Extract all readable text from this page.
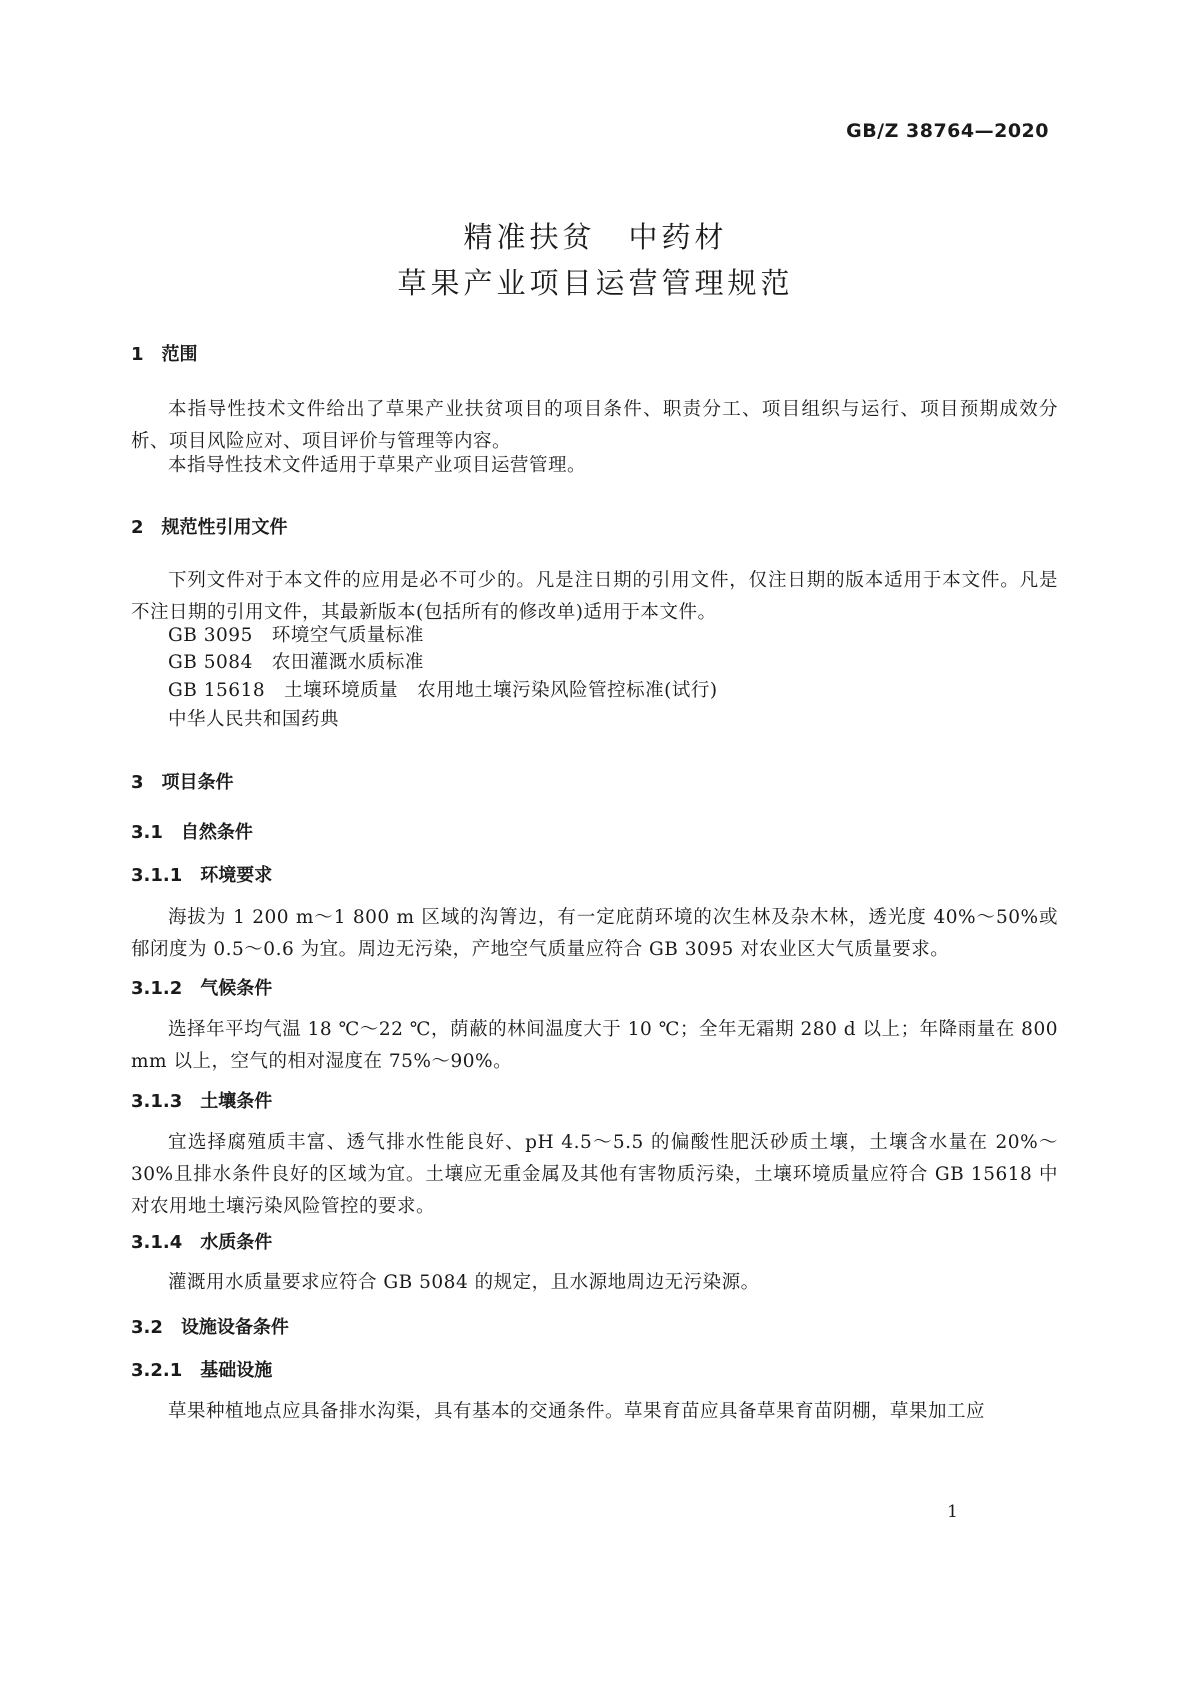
GB/Z 38764—2020

精准扶贫　中药材

草果产业项目运营管理规范

1　范围
本指导性技术文件给出了草果产业扶贫项目的项目条件、职责分工、项目组织与运行、项目预期成效分析、项目风险应对、项目评价与管理等内容。
本指导性技术文件适用于草果产业项目运营管理。
2　规范性引用文件
下列文件对于本文件的应用是必不可少的。凡是注日期的引用文件，仅注日期的版本适用于本文件。凡是不注日期的引用文件，其最新版本(包括所有的修改单)适用于本文件。
GB 3095　环境空气质量标准
GB 5084　农田灌溉水质标准
GB 15618　土壤环境质量　农用地土壤污染风险管控标准(试行)
中华人民共和国药典
3　项目条件
3.1　自然条件
3.1.1　环境要求
海拔为 1 200 m～1 800 m 区域的沟箐边，有一定庇荫环境的次生林及杂木林，透光度 40%～50%或郁闭度为 0.5～0.6 为宜。周边无污染，产地空气质量应符合 GB 3095 对农业区大气质量要求。
3.1.2　气候条件
选择年平均气温 18 ℃～22 ℃，荫蔽的林间温度大于 10 ℃；全年无霜期 280 d 以上；年降雨量在 800 mm 以上，空气的相对湿度在 75%～90%。
3.1.3　土壤条件
宜选择腐殖质丰富、透气排水性能良好、pH 4.5～5.5 的偏酸性肥沃砂质土壤，土壤含水量在 20%～30%且排水条件良好的区域为宜。土壤应无重金属及其他有害物质污染，土壤环境质量应符合 GB 15618 中对农用地土壤污染风险管控的要求。
3.1.4　水质条件
灌溉用水质量要求应符合 GB 5084 的规定，且水源地周边无污染源。
3.2　设施设备条件
3.2.1　基础设施
草果种植地点应具备排水沟渠，具有基本的交通条件。草果育苗应具备草果育苗阴棚，草果加工应
1
